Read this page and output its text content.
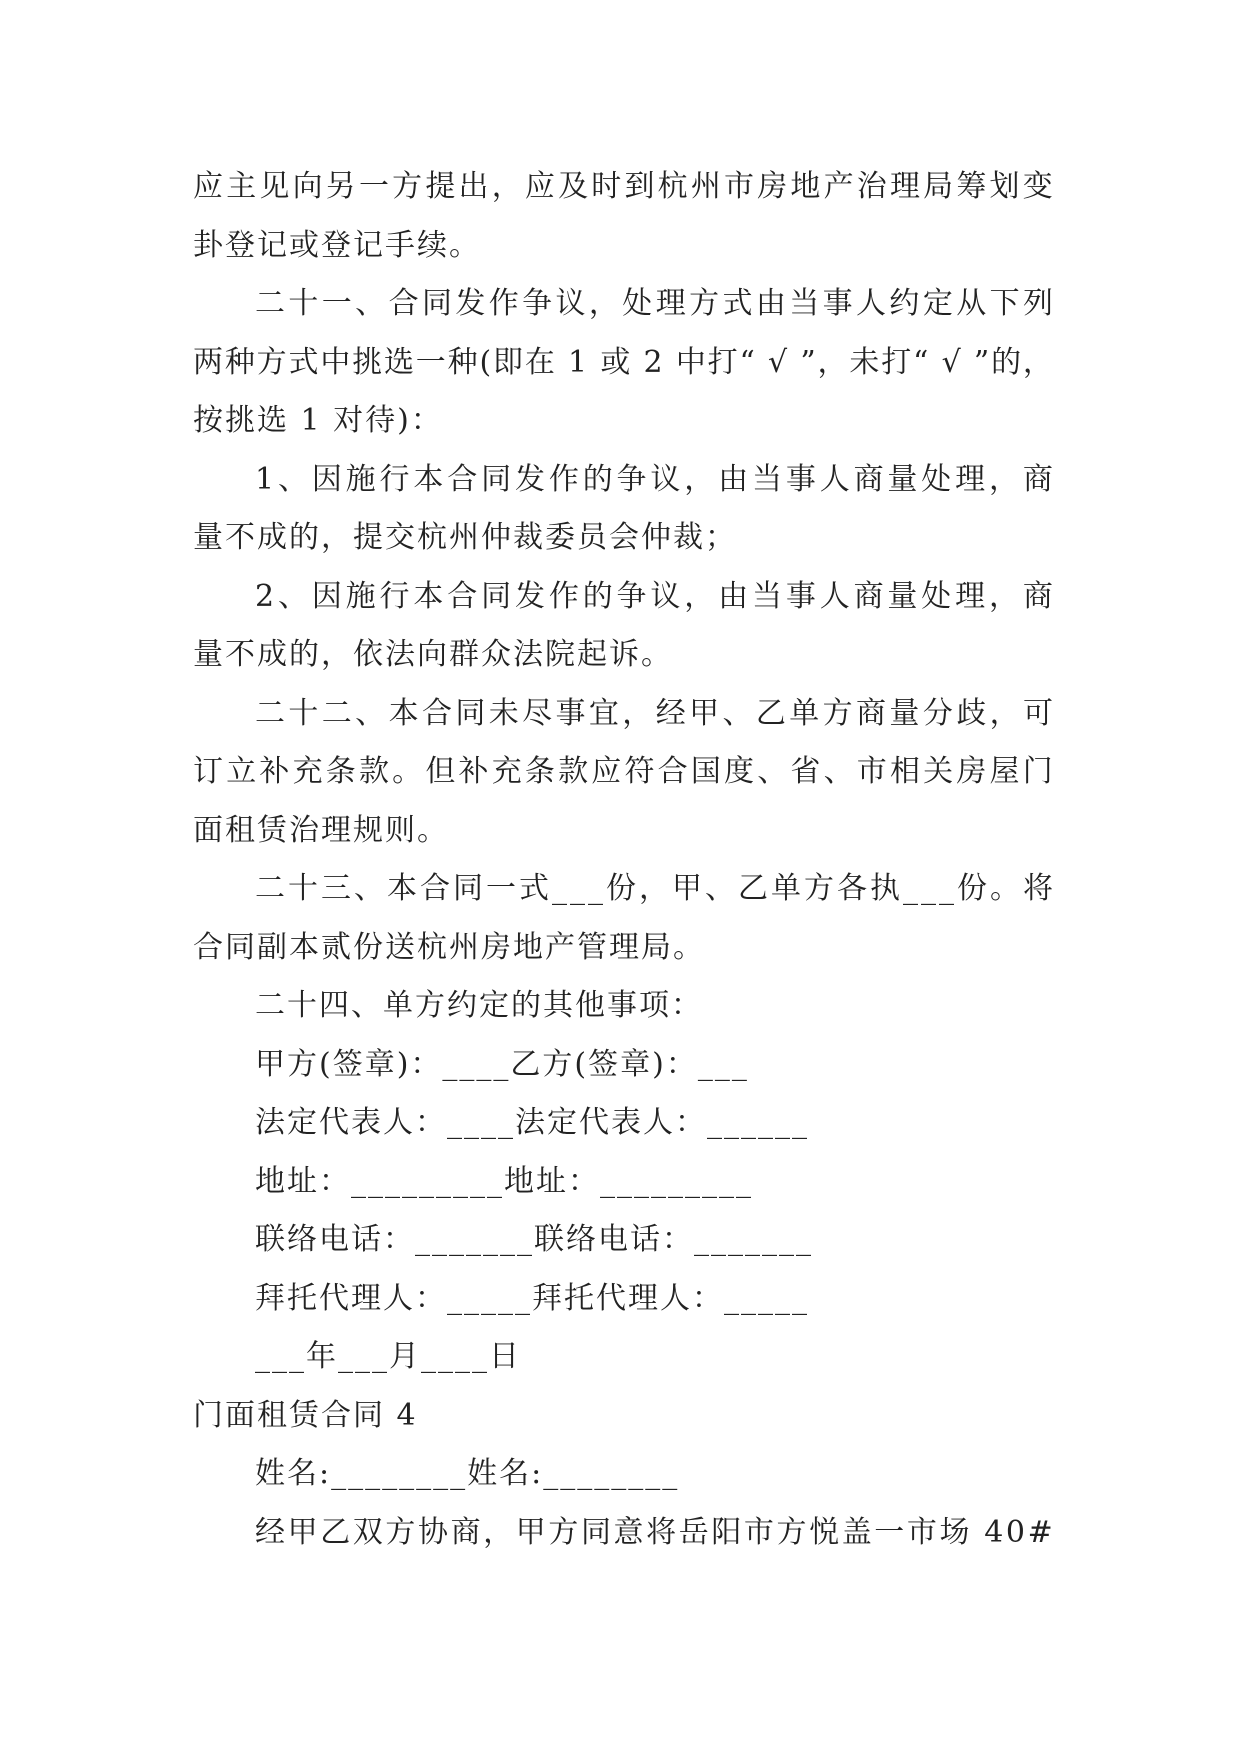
应 主 见 向 另 一 方 提 出 ， 应 及 时 到 杭 州 市 房 地 产 治 理 局 筹 划 变
卦登记或登记手续。
二 十 一 、 合 同 发 作 争 议 ， 处 理 方 式 由 当 事 人 约 定 从 下 列
两 种 方 式 中 挑 选 一 种 ( 即 在
1
或
2
中 打 “
√
” ， 未 打 “
√
” 的 ，
按挑选 1 对待)：
1 、 因 施 行 本 合 同 发 作 的 争 议 ， 由 当 事 人 商 量 处 理 ， 商
量不成的，提交杭州仲裁委员会仲裁；
2 、 因 施 行 本 合 同 发 作 的 争 议 ， 由 当 事 人 商 量 处 理 ， 商
量不成的，依法向群众法院起诉。
二 十 二 、 本 合 同 未 尽 事 宜 ， 经 甲 、 乙 单 方 商 量 分 歧 ， 可
订 立 补 充 条 款 。 但 补 充 条 款 应 符 合 国 度 、 省 、 市 相 关 房 屋 门
面租赁治理规则。
二 十 三 、 本 合 同 一 式 _ _ _ 份 ， 甲 、 乙 单 方 各 执 _ _ _ 份 。 将
合同副本贰份送杭州房地产管理局。
二十四、单方约定的其他事项：
甲方(签章)：____乙方(签章)：___
法定代表人：____法定代表人：______
地址：_________地址：_________
联络电话：_______联络电话：_______
拜托代理人：_____拜托代理人：_____
___年___月____日
门面租赁合同 4
姓名:________姓名:________
经 甲 乙 双 方 协 商 ， 甲 方 同 意 将 岳 阳 市 方 悦 盖 一 市 场
4 0 #
